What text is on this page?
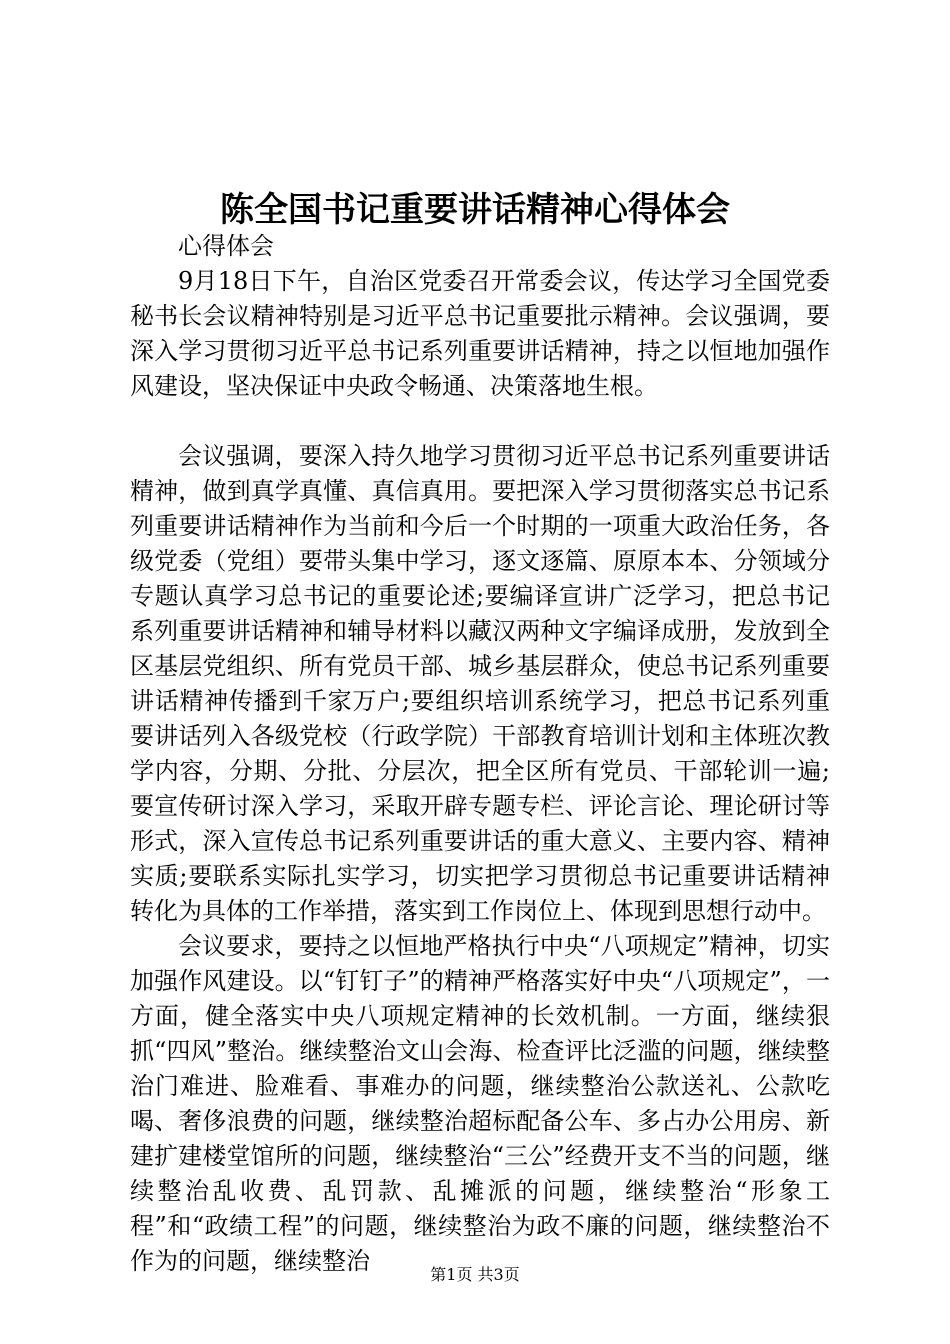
陈全国书记重要讲话精神心得体会

心得体会

9月18日下午，自治区党委召开常委会议，传达学习全国党委秘书长会议精神特别是习近平总书记重要批示精神。会议强调，要深入学习贯彻习近平总书记系列重要讲话精神，持之以恒地加强作风建设，坚决保证中央政令畅通、决策落地生根。

会议强调，要深入持久地学习贯彻习近平总书记系列重要讲话精神，做到真学真懂、真信真用。要把深入学习贯彻落实总书记系列重要讲话精神作为当前和今后一个时期的一项重大政治任务，各级党委（党组）要带头集中学习，逐文逐篇、原原本本、分领域分专题认真学习总书记的重要论述;要编译宣讲广泛学习，把总书记系列重要讲话精神和辅导材料以藏汉两种文字编译成册，发放到全区基层党组织、所有党员干部、城乡基层群众，使总书记系列重要讲话精神传播到千家万户;要组织培训系统学习，把总书记系列重要讲话列入各级党校（行政学院）干部教育培训计划和主体班次教学内容，分期、分批、分层次，把全区所有党员、干部轮训一遍;要宣传研讨深入学习，采取开辟专题专栏、评论言论、理论研讨等形式，深入宣传总书记系列重要讲话的重大意义、主要内容、精神实质;要联系实际扎实学习，切实把学习贯彻总书记重要讲话精神转化为具体的工作举措，落实到工作岗位上、体现到思想行动中。

会议要求，要持之以恒地严格执行中央“八项规定”精神，切实加强作风建设。以“钉钉子”的精神严格落实好中央“八项规定”，一方面，健全落实中央八项规定精神的长效机制。一方面，继续狠抓“四风”整治。继续整治文山会海、检查评比泛滥的问题，继续整治门难进、脸难看、事难办的问题，继续整治公款送礼、公款吃喝、奢侈浪费的问题，继续整治超标配备公车、多占办公用房、新建扩建楼堂馆所的问题，继续整治“三公”经费开支不当的问题，继续整治乱收费、乱罚款、乱摊派的问题，继续整治“形象工程”和“政绩工程”的问题，继续整治为政不廉的问题，继续整治不作为的问题，继续整治	第1页 共3页
